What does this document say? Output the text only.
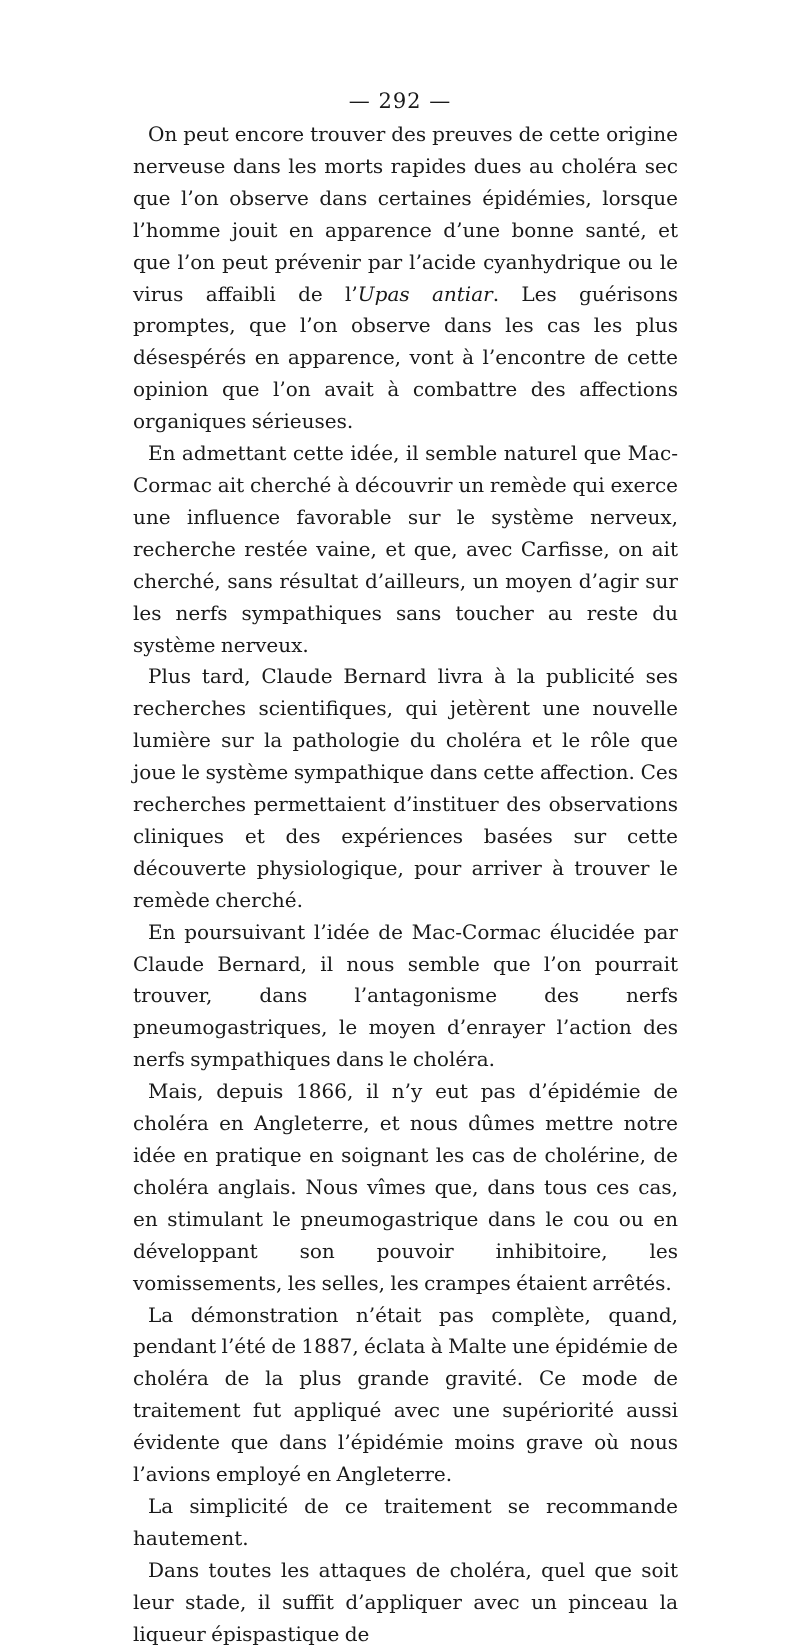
— 292 —

On peut encore trouver des preuves de cette origine nerveuse dans les morts rapides dues au choléra sec que l’on observe dans certaines épidémies, lorsque l’homme jouit en apparence d’une bonne santé, et que l’on peut prévenir par l’acide cyanhydrique ou le virus affaibli de l’Upas antiar. Les guérisons promptes, que l’on observe dans les cas les plus désespérés en apparence, vont à l’encontre de cette opinion que l’on avait à combattre des affections organiques sérieuses.

En admettant cette idée, il semble naturel que Mac-Cormac ait cherché à découvrir un remède qui exerce une influence favorable sur le système nerveux, recherche restée vaine, et que, avec Carfisse, on ait cherché, sans résultat d’ailleurs, un moyen d’agir sur les nerfs sympathiques sans toucher au reste du système nerveux.

Plus tard, Claude Bernard livra à la publicité ses recherches scientifiques, qui jetèrent une nouvelle lumière sur la pathologie du choléra et le rôle que joue le système sympathique dans cette affection. Ces recherches permettaient d’instituer des observations cliniques et des expériences basées sur cette découverte physiologique, pour arriver à trouver le remède cherché.

En poursuivant l’idée de Mac-Cormac élucidée par Claude Bernard, il nous semble que l’on pourrait trouver, dans l’antagonisme des nerfs pneumogastriques, le moyen d’enrayer l’action des nerfs sympathiques dans le choléra.

Mais, depuis 1866, il n’y eut pas d’épidémie de choléra en Angleterre, et nous dûmes mettre notre idée en pratique en soignant les cas de cholérine, de choléra anglais. Nous vîmes que, dans tous ces cas, en stimulant le pneumogastrique dans le cou ou en développant son pouvoir inhibitoire, les vomissements, les selles, les crampes étaient arrêtés.

La démonstration n’était pas complète, quand, pendant l’été de 1887, éclata à Malte une épidémie de choléra de la plus grande gravité. Ce mode de traitement fut appliqué avec une supériorité aussi évidente que dans l’épidémie moins grave où nous l’avions employé en Angleterre.

La simplicité de ce traitement se recommande hautement.

Dans toutes les attaques de choléra, quel que soit leur stade, il suffit d’appliquer avec un pinceau la liqueur épispastique de
